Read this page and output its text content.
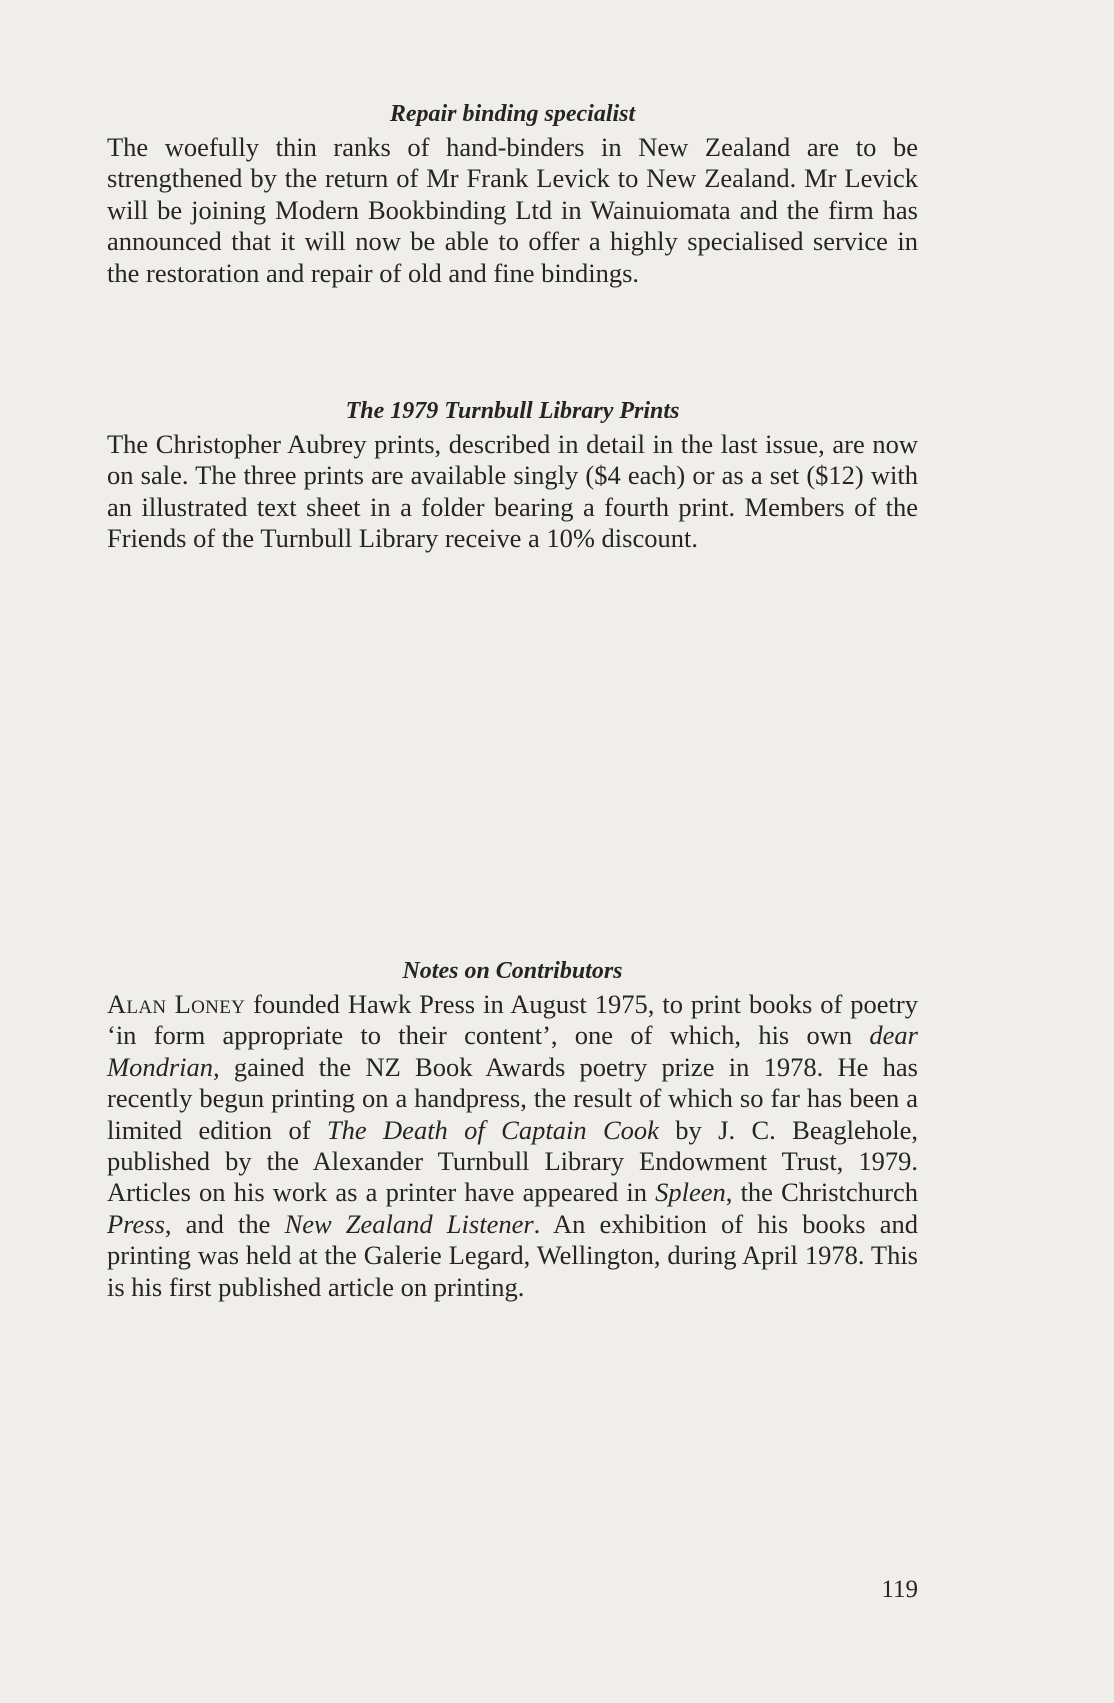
Repair binding specialist

The woefully thin ranks of hand-binders in New Zealand are to be strengthened by the return of Mr Frank Levick to New Zealand. Mr Levick will be joining Modern Bookbinding Ltd in Wainuiomata and the firm has announced that it will now be able to offer a highly specialised service in the restoration and repair of old and fine bindings.

The 1979 Turnbull Library Prints

The Christopher Aubrey prints, described in detail in the last issue, are now on sale. The three prints are available singly ($4 each) or as a set ($12) with an illustrated text sheet in a folder bearing a fourth print. Members of the Friends of the Turnbull Library receive a 10% discount.

Notes on Contributors

Alan Loney founded Hawk Press in August 1975, to print books of poetry ‘in form appropriate to their content’, one of which, his own dear Mondrian, gained the NZ Book Awards poetry prize in 1978. He has recently begun printing on a handpress, the result of which so far has been a limited edition of The Death of Captain Cook by J. C. Beaglehole, published by the Alexander Turnbull Library Endowment Trust, 1979. Articles on his work as a printer have appeared in Spleen, the Christchurch Press, and the New Zealand Listener. An exhibition of his books and printing was held at the Galerie Legard, Wellington, during April 1978. This is his first published article on printing.

119
